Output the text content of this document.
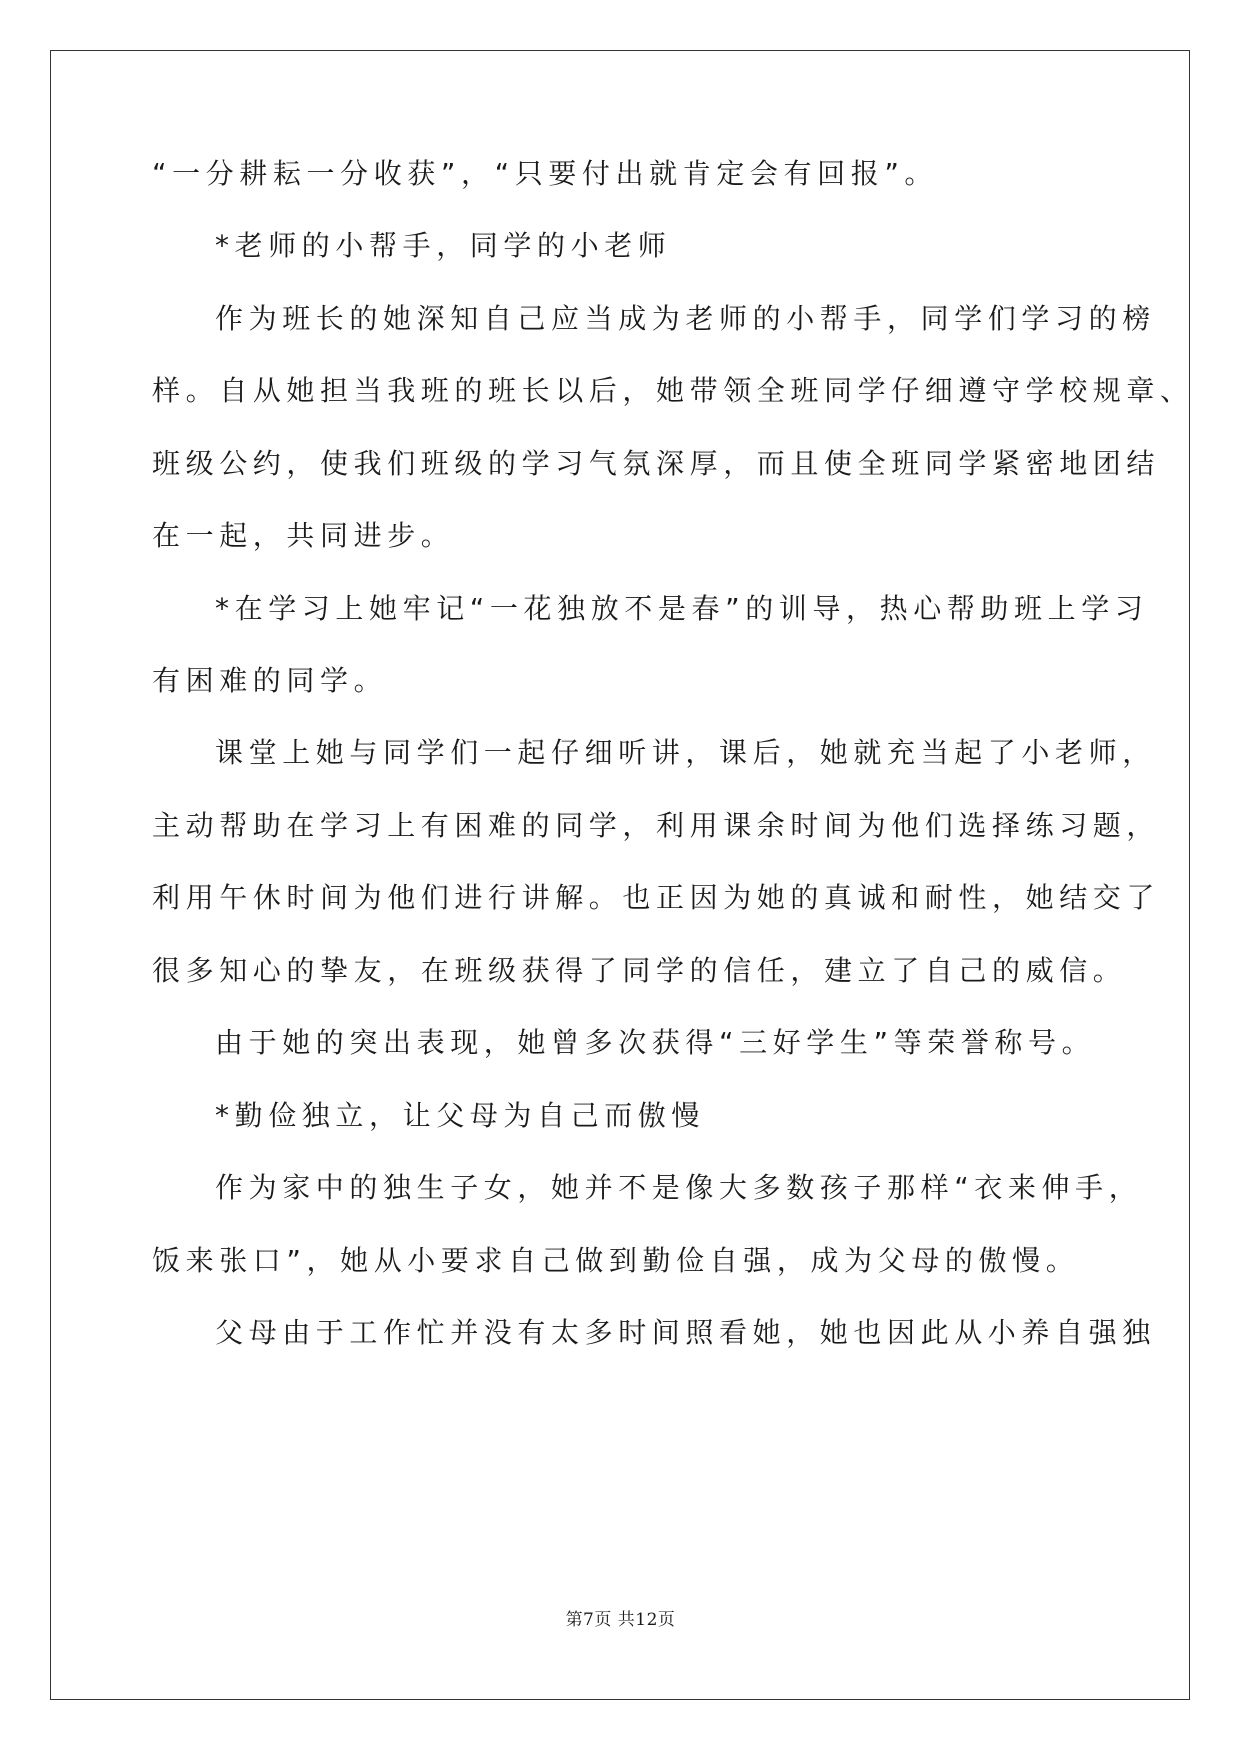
“一分耕耘一分收获”，“只要付出就肯定会有回报”。
*老师的小帮手，同学的小老师
作为班长的她深知自己应当成为老师的小帮手，同学们学习的榜
样。自从她担当我班的班长以后，她带领全班同学仔细遵守学校规章、
班级公约，使我们班级的学习气氛深厚，而且使全班同学紧密地团结
在一起，共同进步。
*在学习上她牢记“一花独放不是春”的训导，热心帮助班上学习
有困难的同学。
课堂上她与同学们一起仔细听讲，课后，她就充当起了小老师，
主动帮助在学习上有困难的同学，利用课余时间为他们选择练习题，
利用午休时间为他们进行讲解。也正因为她的真诚和耐性，她结交了
很多知心的挚友，在班级获得了同学的信任，建立了自己的威信。
由于她的突出表现，她曾多次获得“三好学生”等荣誉称号。
*勤俭独立，让父母为自己而傲慢
作为家中的独生子女，她并不是像大多数孩子那样“衣来伸手，
饭来张口”，她从小要求自己做到勤俭自强，成为父母的傲慢。
父母由于工作忙并没有太多时间照看她，她也因此从小养自强独
第7页 共12页
